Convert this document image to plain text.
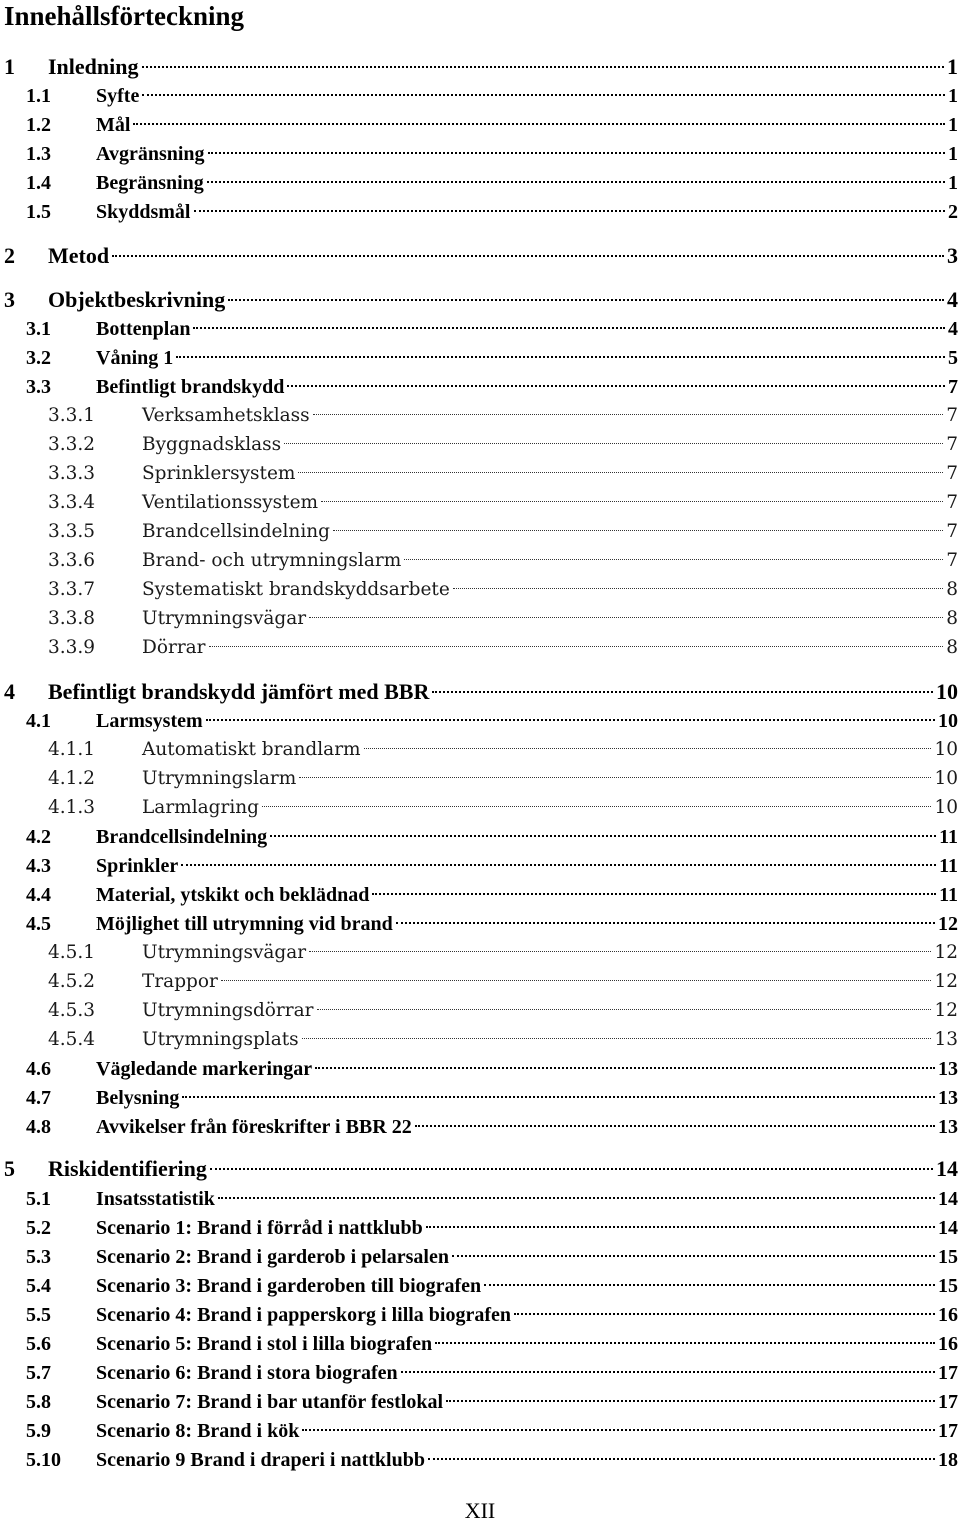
Innehållsförteckning
1 Inledning	1
1.1 Syfte	1
1.2 Mål	1
1.3 Avgränsning	1
1.4 Begränsning	1
1.5 Skyddsmål	2
2 Metod	3
3 Objektbeskrivning	4
3.1 Bottenplan	4
3.2 Våning 1	5
3.3 Befintligt brandskydd	7
3.3.1	Verksamhetsklass	7
3.3.2	Byggnadsklass	7
3.3.3	Sprinklersystem	7
3.3.4	Ventilationssystem	7
3.3.5	Brandcellsindelning	7
3.3.6	Brand- och utrymningslarm	7
3.3.7	Systematiskt brandskyddsarbete	8
3.3.8	Utrymningsvägar	8
3.3.9	Dörrar	8
4 Befintligt brandskydd jämfört med BBR	10
4.1 Larmsystem	10
4.1.1	Automatiskt brandlarm	10
4.1.2	Utrymningslarm	10
4.1.3	Larmlagring	10
4.2 Brandcellsindelning	11
4.3 Sprinkler	11
4.4 Material, ytskikt och beklädnad	11
4.5 Möjlighet till utrymning vid brand	12
4.5.1	Utrymningsvägar	12
4.5.2	Trappor	12
4.5.3	Utrymningsdörrar	12
4.5.4	Utrymningsplats	13
4.6 Vägledande markeringar	13
4.7 Belysning	13
4.8 Avvikelser från föreskrifter i BBR 22	13
5 Riskidentifiering	14
5.1 Insatsstatistik	14
5.2 Scenario 1: Brand i förråd i nattklubb	14
5.3 Scenario 2: Brand i garderob i pelarsalen	15
5.4 Scenario 3: Brand i garderoben till biografen	15
5.5 Scenario 4: Brand i papperskorg i lilla biografen	16
5.6 Scenario 5: Brand i stol i lilla biografen	16
5.7 Scenario 6: Brand i stora biografen	17
5.8 Scenario 7: Brand i bar utanför festlokal	17
5.9 Scenario 8: Brand i kök	17
5.10 Scenario 9 Brand i draperi i nattklubb	18
XII
